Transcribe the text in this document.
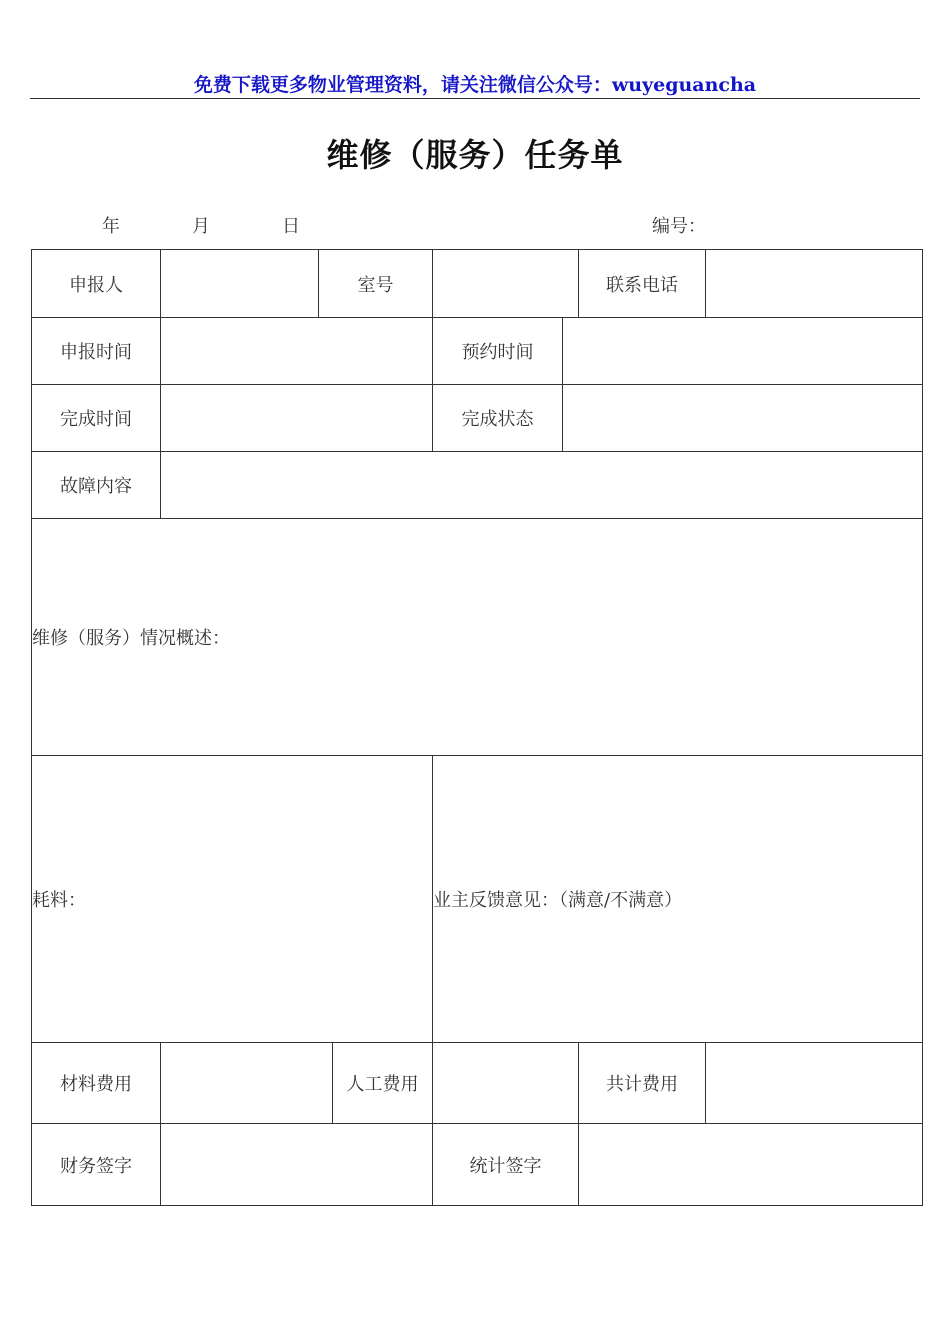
免费下载更多物业管理资料，请关注微信公众号：wuyeguancha
维修（服务）任务单
年	月	日	编号：
申报人		室号				联系电话	
申报时间				预约时间			
完成时间				完成状态			
故障内容							
维修（服务）情况概述：							
耗料：				业主反馈意见：（满意/不满意）			
材料费用			人工费用			共计费用	
财务签字				统计签字			
